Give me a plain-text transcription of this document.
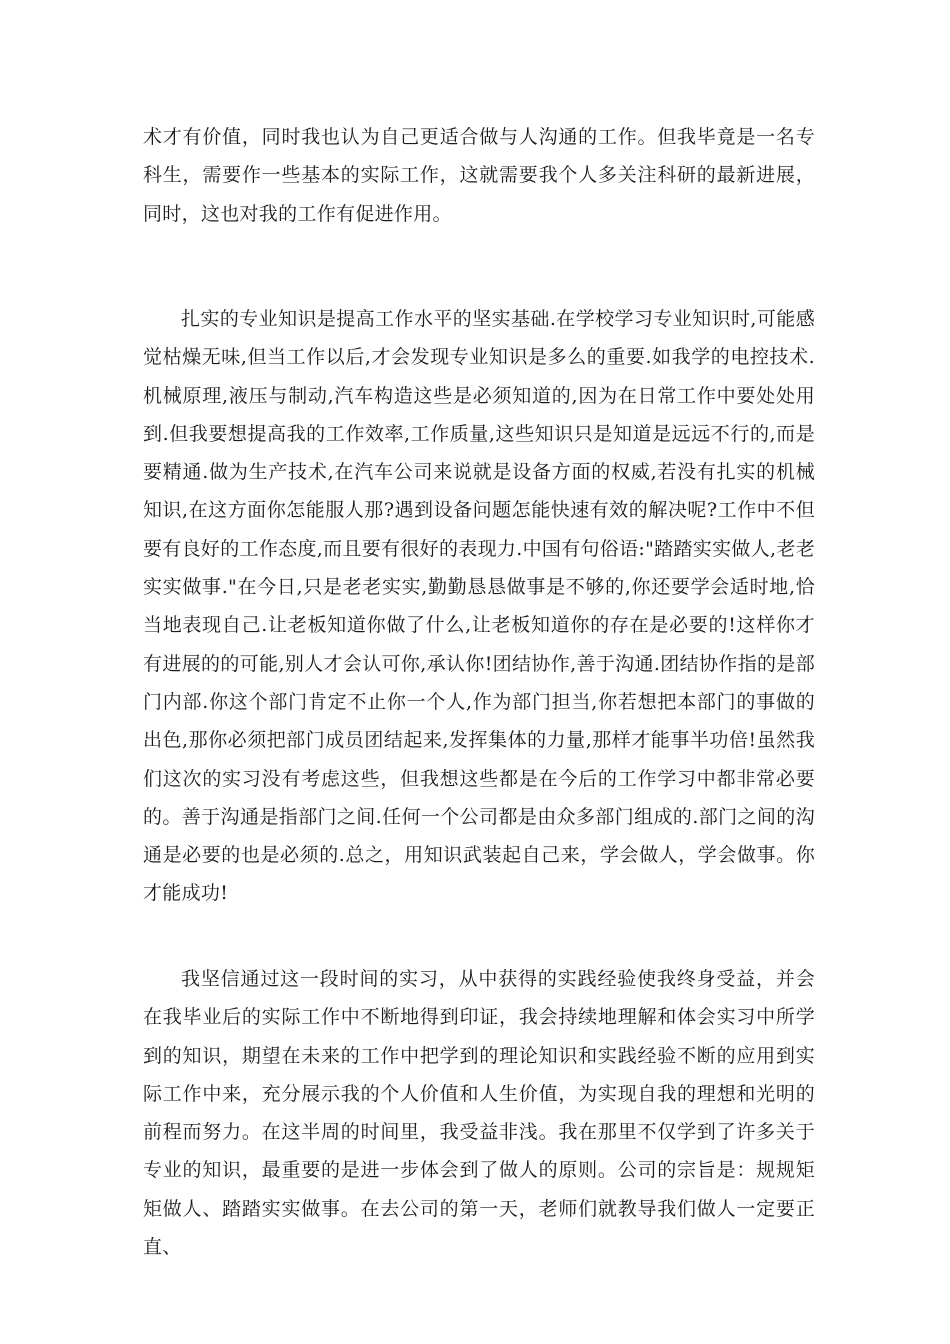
术才有价值，同时我也认为自己更适合做与人沟通的工作。但我毕竟是一名专科生，需要作一些基本的实际工作，这就需要我个人多关注科研的最新进展，同时，这也对我的工作有促进作用。

扎实的专业知识是提高工作水平的坚实基础.在学校学习专业知识时,可能感觉枯燥无味,但当工作以后,才会发现专业知识是多么的重要.如我学的电控技术.机械原理,液压与制动,汽车构造这些是必须知道的,因为在日常工作中要处处用到.但我要想提高我的工作效率,工作质量,这些知识只是知道是远远不行的,而是要精通.做为生产技术,在汽车公司来说就是设备方面的权威,若没有扎实的机械知识,在这方面你怎能服人那?遇到设备问题怎能快速有效的解决呢?工作中不但要有良好的工作态度,而且要有很好的表现力.中国有句俗语:"踏踏实实做人,老老实实做事."在今日,只是老老实实,勤勤恳恳做事是不够的,你还要学会适时地,恰当地表现自己.让老板知道你做了什么,让老板知道你的存在是必要的!这样你才有进展的的可能,别人才会认可你,承认你!团结协作,善于沟通.团结协作指的是部门内部.你这个部门肯定不止你一个人,作为部门担当,你若想把本部门的事做的出色,那你必须把部门成员团结起来,发挥集体的力量,那样才能事半功倍!虽然我们这次的实习没有考虑这些，但我想这些都是在今后的工作学习中都非常必要的。善于沟通是指部门之间.任何一个公司都是由众多部门组成的.部门之间的沟通是必要的也是必须的.总之，用知识武装起自己来，学会做人，学会做事。你才能成功!

我坚信通过这一段时间的实习，从中获得的实践经验使我终身受益，并会在我毕业后的实际工作中不断地得到印证，我会持续地理解和体会实习中所学到的知识，期望在未来的工作中把学到的理论知识和实践经验不断的应用到实际工作中来，充分展示我的个人价值和人生价值，为实现自我的理想和光明的前程而努力。在这半周的时间里，我受益非浅。我在那里不仅学到了许多关于专业的知识，最重要的是进一步体会到了做人的原则。公司的宗旨是：规规矩矩做人、踏踏实实做事。在去公司的第一天，老师们就教导我们做人一定要正直、
